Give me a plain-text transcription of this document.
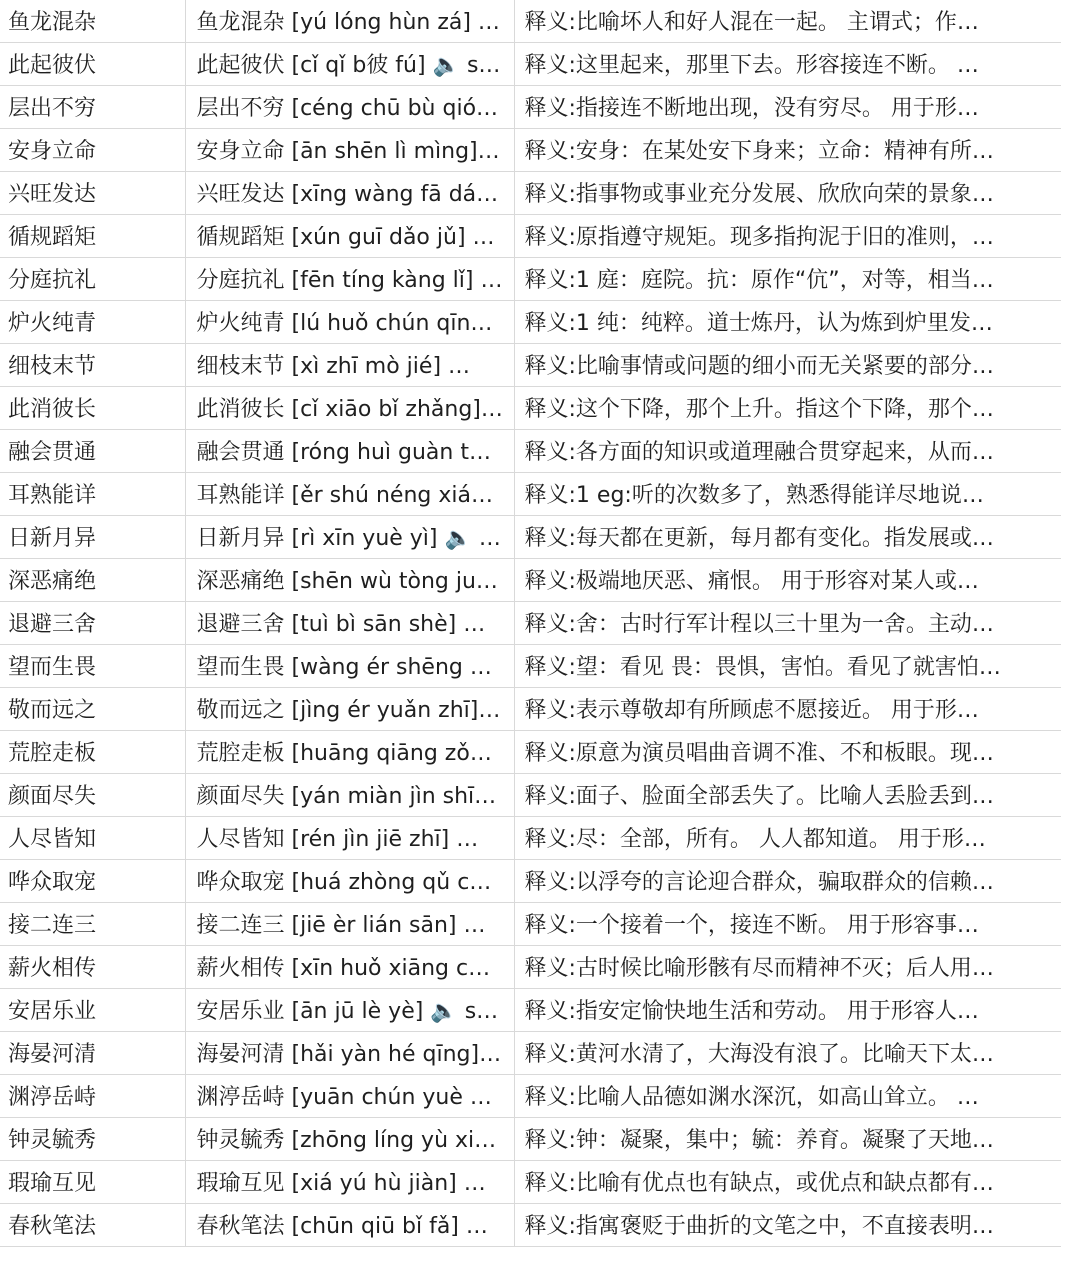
鱼龙混杂	鱼龙混杂 [yú lóng hùn zá] …	释义:比喻坏人和好人混在一起。 主谓式；作…
此起彼伏	此起彼伏 [cǐ qǐ b彼 fú] 🔈 s…	释义:这里起来，那里下去。形容接连不断。 …
层出不穷	层出不穷 [céng chū bù qió…	释义:指接连不断地出现，没有穷尽。 用于形…
安身立命	安身立命 [ān shēn lì mìng]…	释义:安身：在某处安下身来；立命：精神有所…
兴旺发达	兴旺发达 [xīng wàng fā dá…	释义:指事物或事业充分发展、欣欣向荣的景象…
循规蹈矩	循规蹈矩 [xún guī dǎo jǔ] …	释义:原指遵守规矩。现多指拘泥于旧的准则，…
分庭抗礼	分庭抗礼 [fēn tíng kàng lǐ] …	释义:1 庭：庭院。抗：原作“伉”，对等，相当…
炉火纯青	炉火纯青 [lú huǒ chún qīn…	释义:1 纯：纯粹。道士炼丹，认为炼到炉里发…
细枝末节	细枝末节 [xì zhī mò jié] …	释义:比喻事情或问题的细小而无关紧要的部分…
此消彼长	此消彼长 [cǐ xiāo bǐ zhǎng]…	释义:这个下降，那个上升。指这个下降，那个…
融会贯通	融会贯通 [róng huì guàn t…	释义:各方面的知识或道理融合贯穿起来，从而…
耳熟能详	耳熟能详 [ěr shú néng xiá…	释义:1 eg:听的次数多了，熟悉得能详尽地说…
日新月异	日新月异 [rì xīn yuè yì] 🔈 …	释义:每天都在更新，每月都有变化。指发展或…
深恶痛绝	深恶痛绝 [shēn wù tòng ju…	释义:极端地厌恶、痛恨。 用于形容对某人或…
退避三舍	退避三舍 [tuì bì sān shè] …	释义:舍：古时行军计程以三十里为一舍。主动…
望而生畏	望而生畏 [wàng ér shēng …	释义:望：看见 畏：畏惧，害怕。看见了就害怕…
敬而远之	敬而远之 [jìng ér yuǎn zhī]…	释义:表示尊敬却有所顾虑不愿接近。 用于形…
荒腔走板	荒腔走板 [huāng qiāng zǒ…	释义:原意为演员唱曲音调不准、不和板眼。现…
颜面尽失	颜面尽失 [yán miàn jìn shī…	释义:面子、脸面全部丢失了。比喻人丢脸丢到…
人尽皆知	人尽皆知 [rén jìn jiē zhī] …	释义:尽：全部，所有。 人人都知道。 用于形…
哗众取宠	哗众取宠 [huá zhòng qǔ c…	释义:以浮夸的言论迎合群众，骗取群众的信赖…
接二连三	接二连三 [jiē èr lián sān] …	释义:一个接着一个，接连不断。 用于形容事…
薪火相传	薪火相传 [xīn huǒ xiāng c…	释义:古时候比喻形骸有尽而精神不灭；后人用…
安居乐业	安居乐业 [ān jū lè yè] 🔈 s…	释义:指安定愉快地生活和劳动。 用于形容人…
海晏河清	海晏河清 [hǎi yàn hé qīng]…	释义:黄河水清了，大海没有浪了。比喻天下太…
渊渟岳峙	渊渟岳峙 [yuān chún yuè …	释义:比喻人品德如渊水深沉，如高山耸立。 …
钟灵毓秀	钟灵毓秀 [zhōng líng yù xi…	释义:钟：凝聚，集中；毓：养育。凝聚了天地…
瑕瑜互见	瑕瑜互见 [xiá yú hù jiàn] …	释义:比喻有优点也有缺点，或优点和缺点都有…
春秋笔法	春秋笔法 [chūn qiū bǐ fǎ] …	释义:指寓褒贬于曲折的文笔之中，不直接表明…
